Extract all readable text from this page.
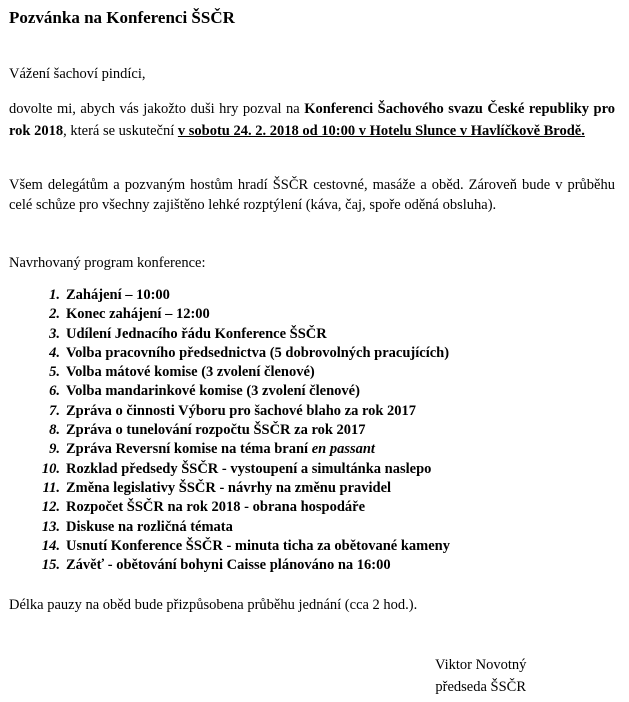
Pozvánka na Konferenci ŠSČR
Vážení šachoví pindíci,
dovolte mi, abych vás jakožto duši hry pozval na Konferenci Šachového svazu České republiky pro rok 2018, která se uskuteční v sobotu 24. 2. 2018 od 10:00 v Hotelu Slunce v Havlíčkově Brodě.
Všem delegátům a pozvaným hostům hradí ŠSČR cestovné, masáže a oběd. Zároveň bude v průběhu celé schůze pro všechny zajištěno lehké rozptýlení (káva, čaj, spoře oděná obsluha).
Navrhovaný program konference:
1. Zahájení – 10:00
2. Konec zahájení – 12:00
3. Udílení Jednacího řádu Konference ŠSČR
4. Volba pracovního předsednictva (5 dobrovolných pracujících)
5. Volba mátové komise (3 zvolení členové)
6. Volba mandarinkové komise (3 zvolení členové)
7. Zpráva o činnosti Výboru pro šachové blaho za rok 2017
8. Zpráva o tunelování rozpočtu ŠSČR za rok 2017
9. Zpráva Reversní komise na téma braní en passant
10. Rozklad předsedy ŠSČR - vystoupení a simultánka naslepo
11. Změna legislativy ŠSČR - návrhy na změnu pravidel
12. Rozpočet ŠSČR na rok 2018 - obrana hospodáře
13. Diskuse na rozličná témata
14. Usnutí Konference ŠSČR - minuta ticha za obětované kameny
15. Závěť - obětování bohyni Caisse plánováno na 16:00
Délka pauzy na oběd bude přizpůsobena průběhu jednání (cca 2 hod.).
Viktor Novotný
předseda ŠSČR
